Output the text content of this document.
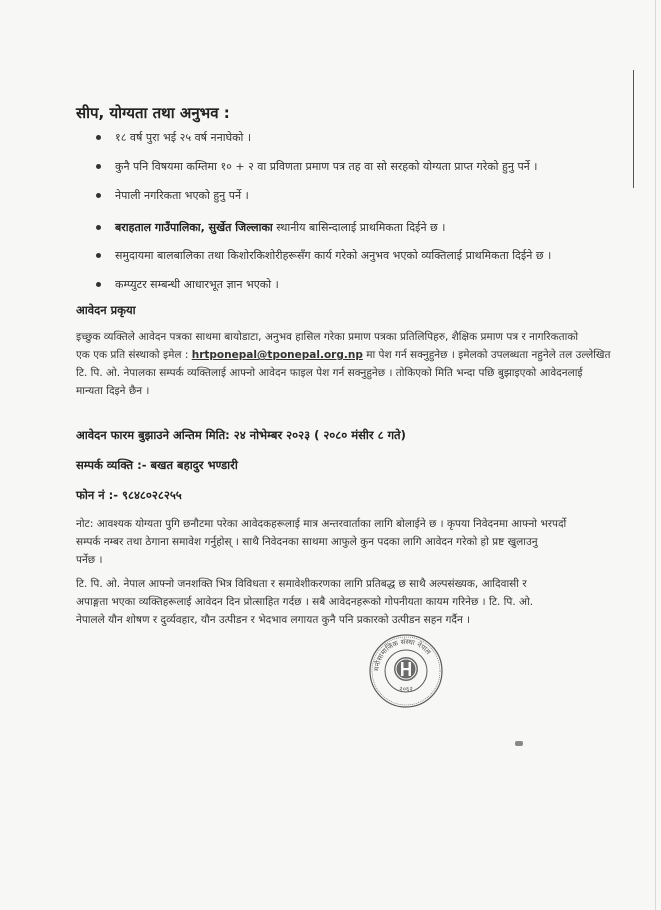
सीप, योग्यता तथा अनुभव :
१८ वर्ष पुरा भई २५ वर्ष ननाघेको ।
कुनै पनि विषयमा कम्तिमा १० + २ वा प्रविणता प्रमाण पत्र तह वा सो सरहको योग्यता प्राप्त गरेको हुनु पर्ने ।
नेपाली नगरिकता भएको हुनु पर्ने ।
बराहताल गाउँपालिका, सुर्खेत जिल्लाका स्थानीय बासिन्दालाई प्राथमिकता दिईने छ ।
समुदायमा बालबालिका तथा किशोरकिशोरीहरूसँग कार्य गरेको अनुभव भएको व्यक्तिलाई प्राथमिकता दिईने छ ।
कम्प्युटर सम्बन्धी आधारभूत ज्ञान भएको ।
आवेदन प्रकृया
इच्छुक व्यक्तिले आवेदन पत्रका साथमा बायोडाटा, अनुभव हासिल गरेका प्रमाण पत्रका प्रतिलिपिहरु, शैक्षिक प्रमाण पत्र र नागरिकताको
एक एक प्रति संस्थाको इमेल : hrtponepal@tponepal.org.np मा पेश गर्न सक्नुहुनेछ । इमेलको उपलब्धता नहुनेले तल उल्लेखित
टि. पि. ओ. नेपालका सम्पर्क व्यक्तिलाई आफ्नो आवेदन फाइल पेश गर्न सक्नुहुनेछ । तोकिएको मिति भन्दा पछि बुझाइएको आवेदनलाई
मान्यता दिइने छैन ।
आवेदन फारम बुझाउने अन्तिम मिति: २४ नोभेम्बर २०२३ ( २०८० मंसीर ८ गते)
सम्पर्क व्यक्ति :- बखत बहादुर भण्डारी
फोन नं :- ९८४८०२८२५५
नोट: आवश्यक योग्यता पुगि छनौटमा परेका आवेदकहरूलाई मात्र अन्तरवार्ताका लागि बोलाईने छ । कृपया निवेदनमा आफ्नो भरपर्दो
सम्पर्क नम्बर तथा ठेगाना समावेश गर्नुहोस् । साथै निवेदनका साथमा आफुले कुन पदका लागि आवेदन गरेको हो प्रष्ट खुलाउनु
पर्नेछ ।
टि. पि. ओ. नेपाल आफ्नो जनशक्ति भित्र विविधता र समावेशीकरणका लागि प्रतिबद्ध छ साथै अल्पसंख्यक, आदिवासी र
अपाङ्गता भएका व्यक्तिहरूलाई आवेदन दिन प्रोत्साहित गर्दछ । सबै आवेदनहरूको गोपनीयता कायम गरिनेछ । टि. पि. ओ.
नेपालले यौन शोषण र दुर्व्यवहार, यौन उत्पीडन र भेदभाव लगायत कुनै पनि प्रकारको उत्पीडन सहन गर्दैन ।
मनोसामाजिक संस्था नेपाल
२०६२
